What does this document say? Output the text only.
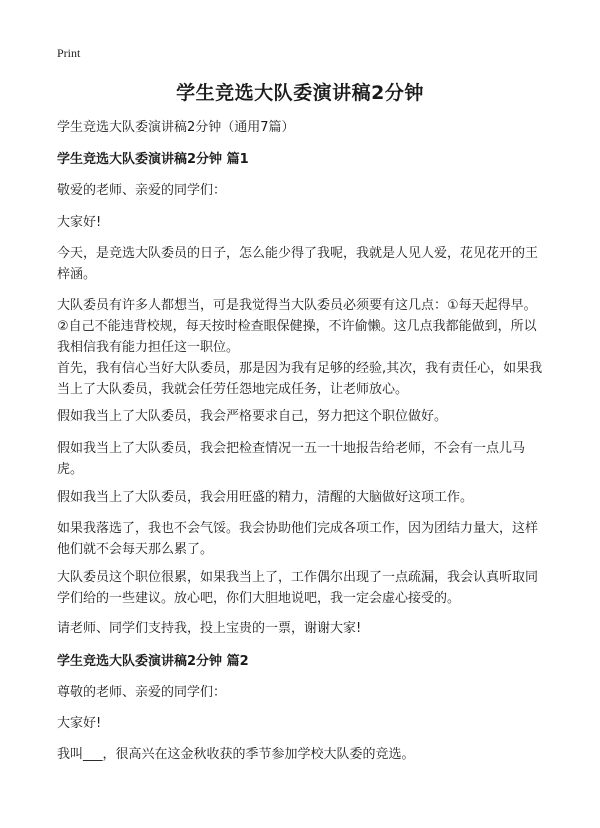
Print
学生竞选大队委演讲稿2分钟

学生竞选大队委演讲稿2分钟（通用7篇）

学生竞选大队委演讲稿2分钟 篇1

敬爱的老师、亲爱的同学们：

大家好!

今天，是竞选大队委员的日子，怎么能少得了我呢，我就是人见人爱，花见花开的王梓涵。

大队委员有许多人都想当，可是我觉得当大队委员必须要有这几点：①每天起得早。②自己不能违背校规，每天按时检查眼保健操，不许偷懒。这几点我都能做到，所以我相信我有能力担任这一职位。

首先，我有信心当好大队委员，那是因为我有足够的经验,其次，我有责任心，如果我当上了大队委员，我就会任劳任怨地完成任务，让老师放心。

假如我当上了大队委员，我会严格要求自己，努力把这个职位做好。

假如我当上了大队委员，我会把检查情况一五一十地报告给老师，不会有一点儿马虎。

假如我当上了大队委员，我会用旺盛的精力，清醒的大脑做好这项工作。

如果我落选了，我也不会气馁。我会协助他们完成各项工作，因为团结力量大，这样他们就不会每天那么累了。

大队委员这个职位很累，如果我当上了，工作偶尔出现了一点疏漏，我会认真听取同学们给的一些建议。放心吧，你们大胆地说吧，我一定会虚心接受的。

请老师、同学们支持我，投上宝贵的一票，谢谢大家!

学生竞选大队委演讲稿2分钟 篇2

尊敬的老师、亲爱的同学们：

大家好!

我叫___，很高兴在这金秋收获的季节参加学校大队委的竞选。
